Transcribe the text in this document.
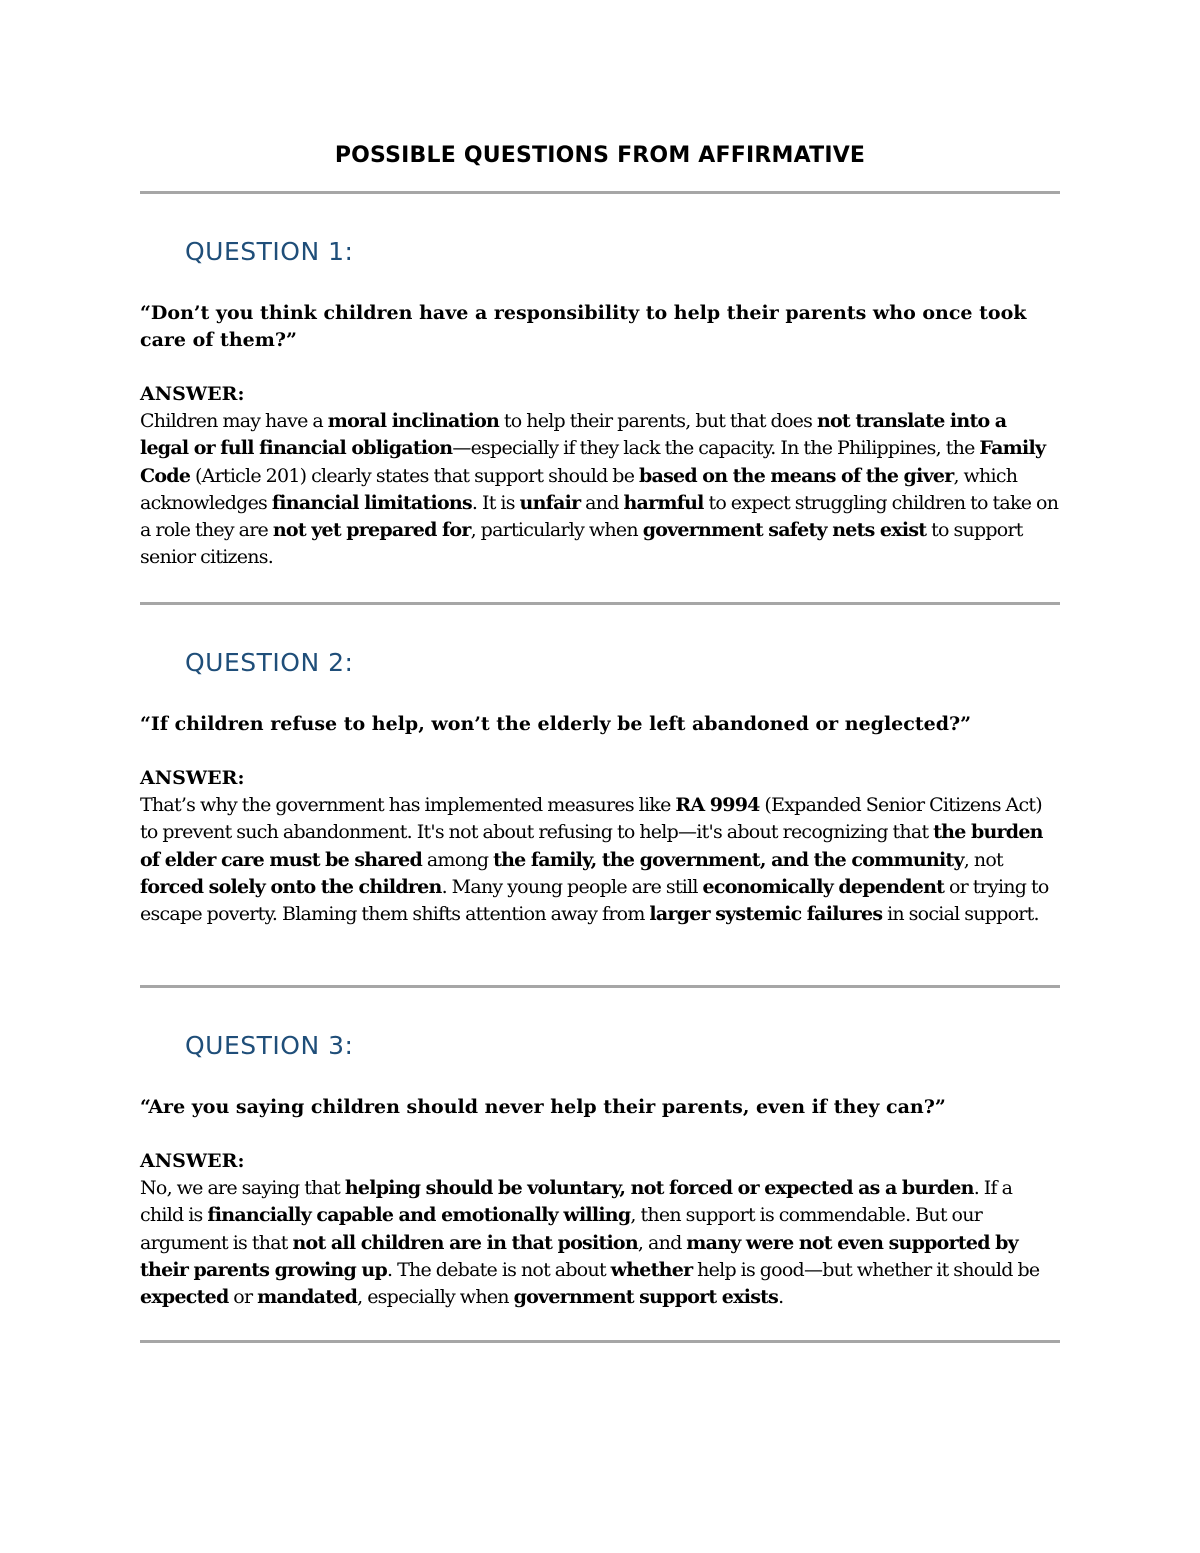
POSSIBLE QUESTIONS FROM AFFIRMATIVE
QUESTION 1:

“Don’t you think children have a responsibility to help their parents who once took care of them?”

ANSWER:

Children may have a moral inclination to help their parents, but that does not translate into a legal or full financial obligation—especially if they lack the capacity. In the Philippines, the Family Code (Article 201) clearly states that support should be based on the means of the giver, which acknowledges financial limitations. It is unfair and harmful to expect struggling children to take on a role they are not yet prepared for, particularly when government safety nets exist to support senior citizens.

QUESTION 2:

“If children refuse to help, won’t the elderly be left abandoned or neglected?”

ANSWER:

That’s why the government has implemented measures like RA 9994 (Expanded Senior Citizens Act) to prevent such abandonment. It's not about refusing to help—it's about recognizing that the burden of elder care must be shared among the family, the government, and the community, not forced solely onto the children. Many young people are still economically dependent or trying to escape poverty. Blaming them shifts attention away from larger systemic failures in social support.

QUESTION 3:

“Are you saying children should never help their parents, even if they can?”

ANSWER:

No, we are saying that helping should be voluntary, not forced or expected as a burden. If a child is financially capable and emotionally willing, then support is commendable. But our argument is that not all children are in that position, and many were not even supported by their parents growing up. The debate is not about whether help is good—but whether it should be expected or mandated, especially when government support exists.
